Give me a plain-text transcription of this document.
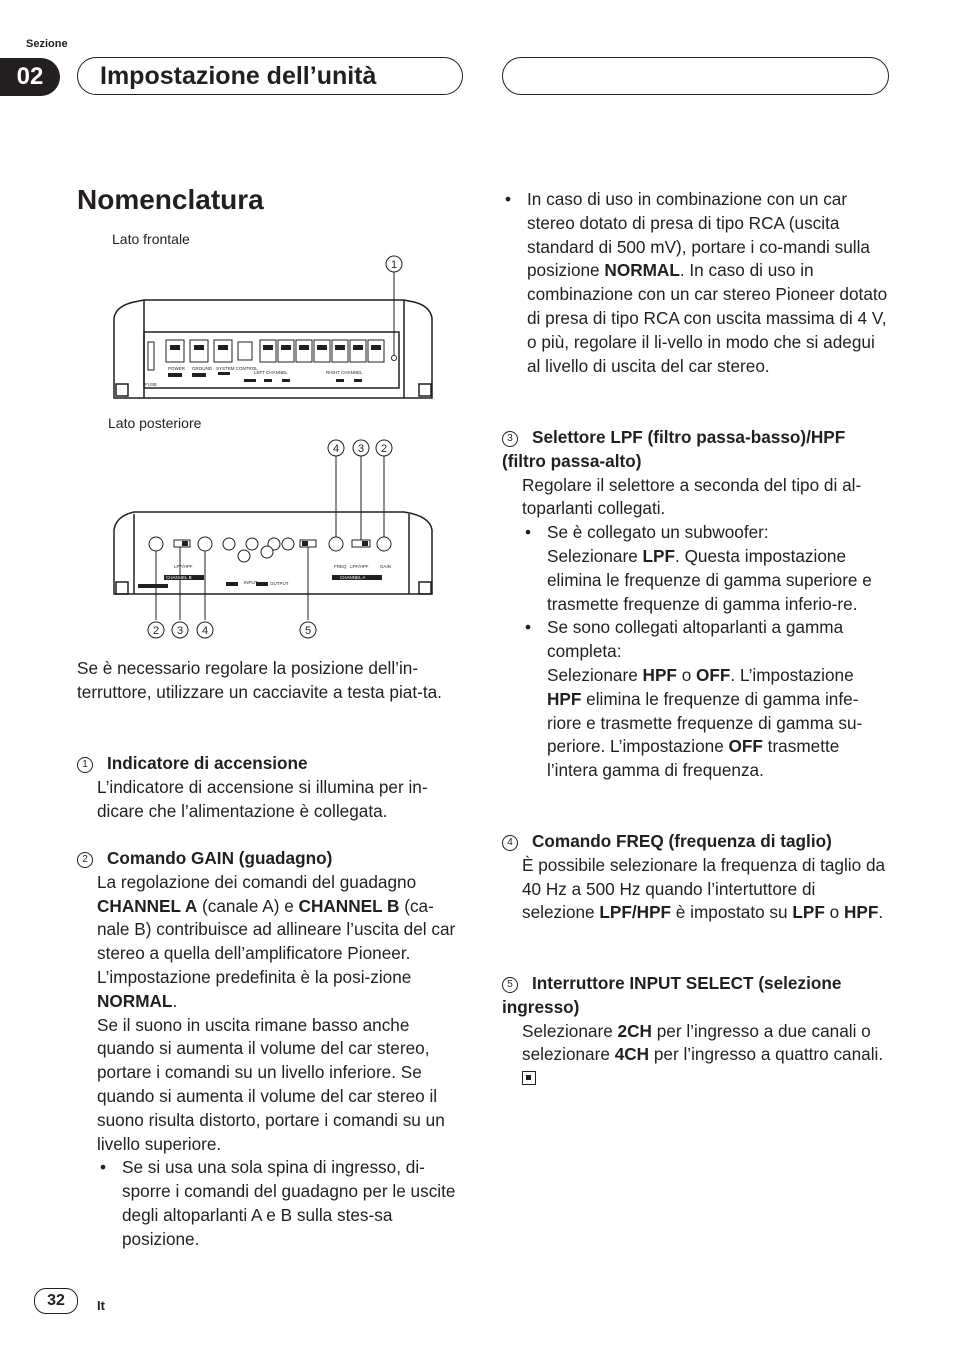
Sezione
02	Impostazione dell’unità
Nomenclatura
Lato frontale
1
FUSE
POWER GROUND SYSTEM CONTROL
LEFT CHANNEL	RIGHT CHANNEL
Lato posteriore
LPF/HPF	FREQ LPF/HPF	GAIN
INPUT	OUTPUT
CHANNEL B	CHANNEL A
4 3 2
2 3 4	5
Se è necessario regolare la posizione dell’in-terruttore, utilizzare un cacciavite a testa piat-ta.
1 Indicatore di accensione
L’indicatore di accensione si illumina per in-dicare che l’alimentazione è collegata.
2 Comando GAIN (guadagno)
La regolazione dei comandi del guadagno CHANNEL A (canale A) e CHANNEL B (ca-nale B) contribuisce ad allineare l’uscita del car stereo a quella dell’amplificatore Pioneer. L’impostazione predefinita è la posi-zione NORMAL.
Se il suono in uscita rimane basso anche quando si aumenta il volume del car stereo, portare i comandi su un livello inferiore. Se quando si aumenta il volume del car stereo il suono risulta distorto, portare i comandi su un livello superiore.
• Se si usa una sola spina di ingresso, di-sporre i comandi del guadagno per le uscite degli altoparlanti A e B sulla stes-sa posizione.
• In caso di uso in combinazione con un car stereo dotato di presa di tipo RCA (uscita standard di 500 mV), portare i co-mandi sulla posizione NORMAL. In caso di uso in combinazione con un car stereo Pioneer dotato di presa di tipo RCA con uscita massima di 4 V, o più, regolare il li-vello in modo che si adegui al livello di uscita del car stereo.
3 Selettore LPF (filtro passa-basso)/HPF (filtro passa-alto)
Regolare il selettore a seconda del tipo di al-toparlanti collegati.
• Se è collegato un subwoofer:
Selezionare LPF. Questa impostazione elimina le frequenze di gamma superiore e trasmette frequenze di gamma inferio-re.
• Se sono collegati altoparlanti a gamma completa:
Selezionare HPF o OFF. L’impostazione HPF elimina le frequenze di gamma infe-riore e trasmette frequenze di gamma su-periore. L’impostazione OFF trasmette l’intera gamma di frequenza.
4 Comando FREQ (frequenza di taglio)
È possibile selezionare la frequenza di taglio da 40 Hz a 500 Hz quando l’intertuttore di selezione LPF/HPF è impostato su LPF o HPF.
5 Interruttore INPUT SELECT (selezione ingresso)
Selezionare 2CH per l’ingresso a due canali o selezionare 4CH per l’ingresso a quattro canali.
32	It
